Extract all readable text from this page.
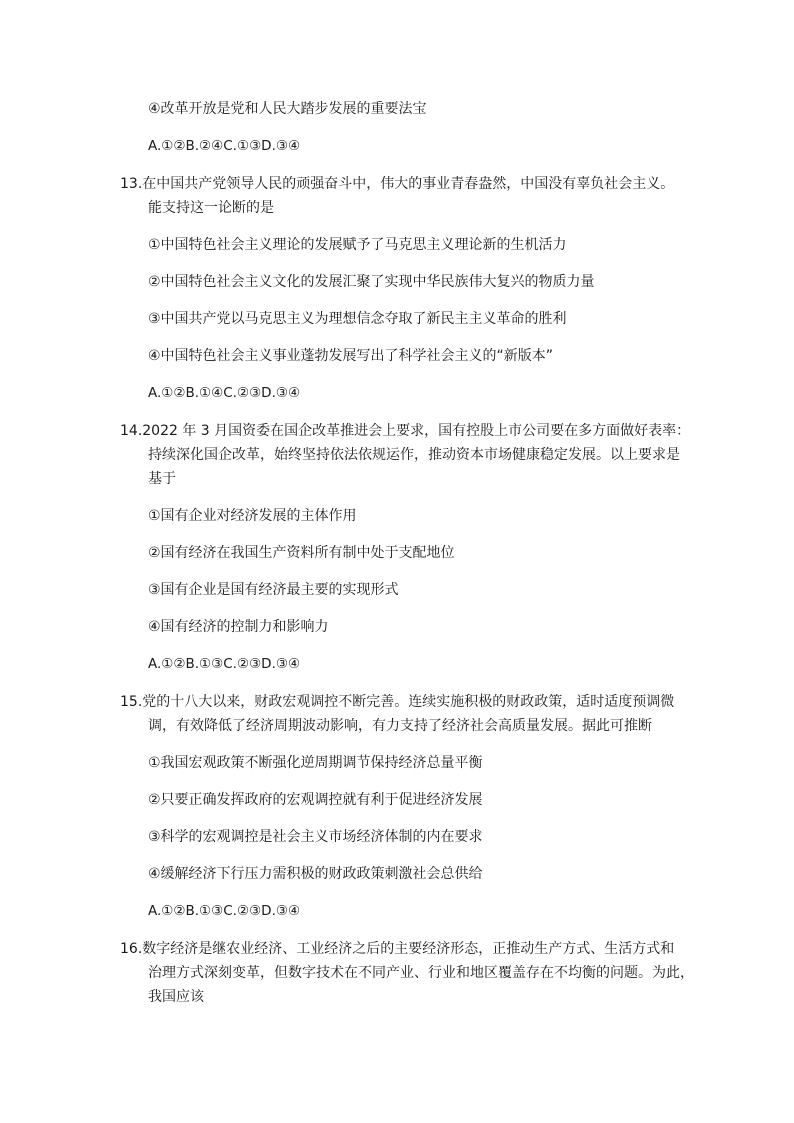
④改革开放是党和人民大踏步发展的重要法宝
A.①②B.②④C.①③D.③④
13.在中国共产党领导人民的顽强奋斗中，伟大的事业青春盎然，中国没有辜负社会主义。
能支持这一论断的是
①中国特色社会主义理论的发展赋予了马克思主义理论新的生机活力
②中国特色社会主义文化的发展汇聚了实现中华民族伟大复兴的物质力量
③中国共产党以马克思主义为理想信念夺取了新民主主义革命的胜利
④中国特色社会主义事业蓬勃发展写出了科学社会主义的“新版本”
A.①②B.①④C.②③D.③④
14.2022 年 3 月国资委在国企改革推进会上要求，国有控股上市公司要在多方面做好表率：
持续深化国企改革，始终坚持依法依规运作，推动资本市场健康稳定发展。以上要求是
基于
①国有企业对经济发展的主体作用
②国有经济在我国生产资料所有制中处于支配地位
③国有企业是国有经济最主要的实现形式
④国有经济的控制力和影响力
A.①②B.①③C.②③D.③④
15.党的十八大以来，财政宏观调控不断完善。连续实施积极的财政政策，适时适度预调微
调，有效降低了经济周期波动影响，有力支持了经济社会高质量发展。据此可推断
①我国宏观政策不断强化逆周期调节保持经济总量平衡
②只要正确发挥政府的宏观调控就有利于促进经济发展
③科学的宏观调控是社会主义市场经济体制的内在要求
④缓解经济下行压力需积极的财政政策刺激社会总供给
A.①②B.①③C.②③D.③④
16.数字经济是继农业经济、工业经济之后的主要经济形态，正推动生产方式、生活方式和
治理方式深刻变革，但数字技术在不同产业、行业和地区覆盖存在不均衡的问题。为此，
我国应该
